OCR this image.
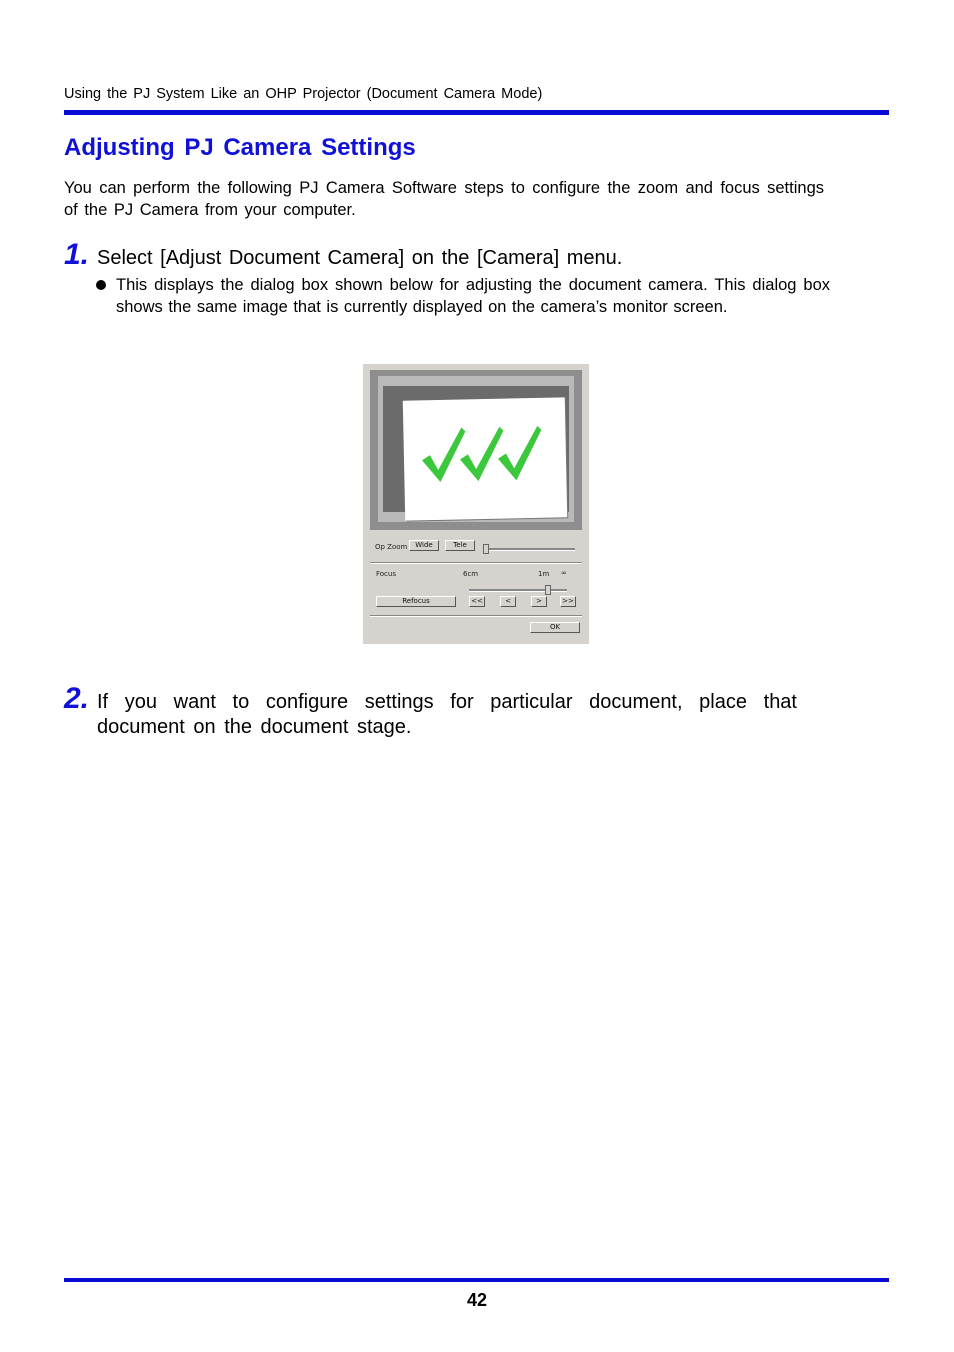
Using the PJ System Like an OHP Projector (Document Camera Mode)
Adjusting PJ Camera Settings
You can perform the following PJ Camera Software steps to configure the zoom and focus settings of the PJ Camera from your computer.
1. Select [Adjust Document Camera] on the [Camera] menu.
This displays the dialog box shown below for adjusting the document camera. This dialog box shows the same image that is currently displayed on the camera’s monitor screen.
Op Zoom	Wide	Tele
Focus	6cm	1m ∞
Refocus	<<	<	>	>>
OK
2. If you want to configure settings for particular document, place that document on the document stage.
42
